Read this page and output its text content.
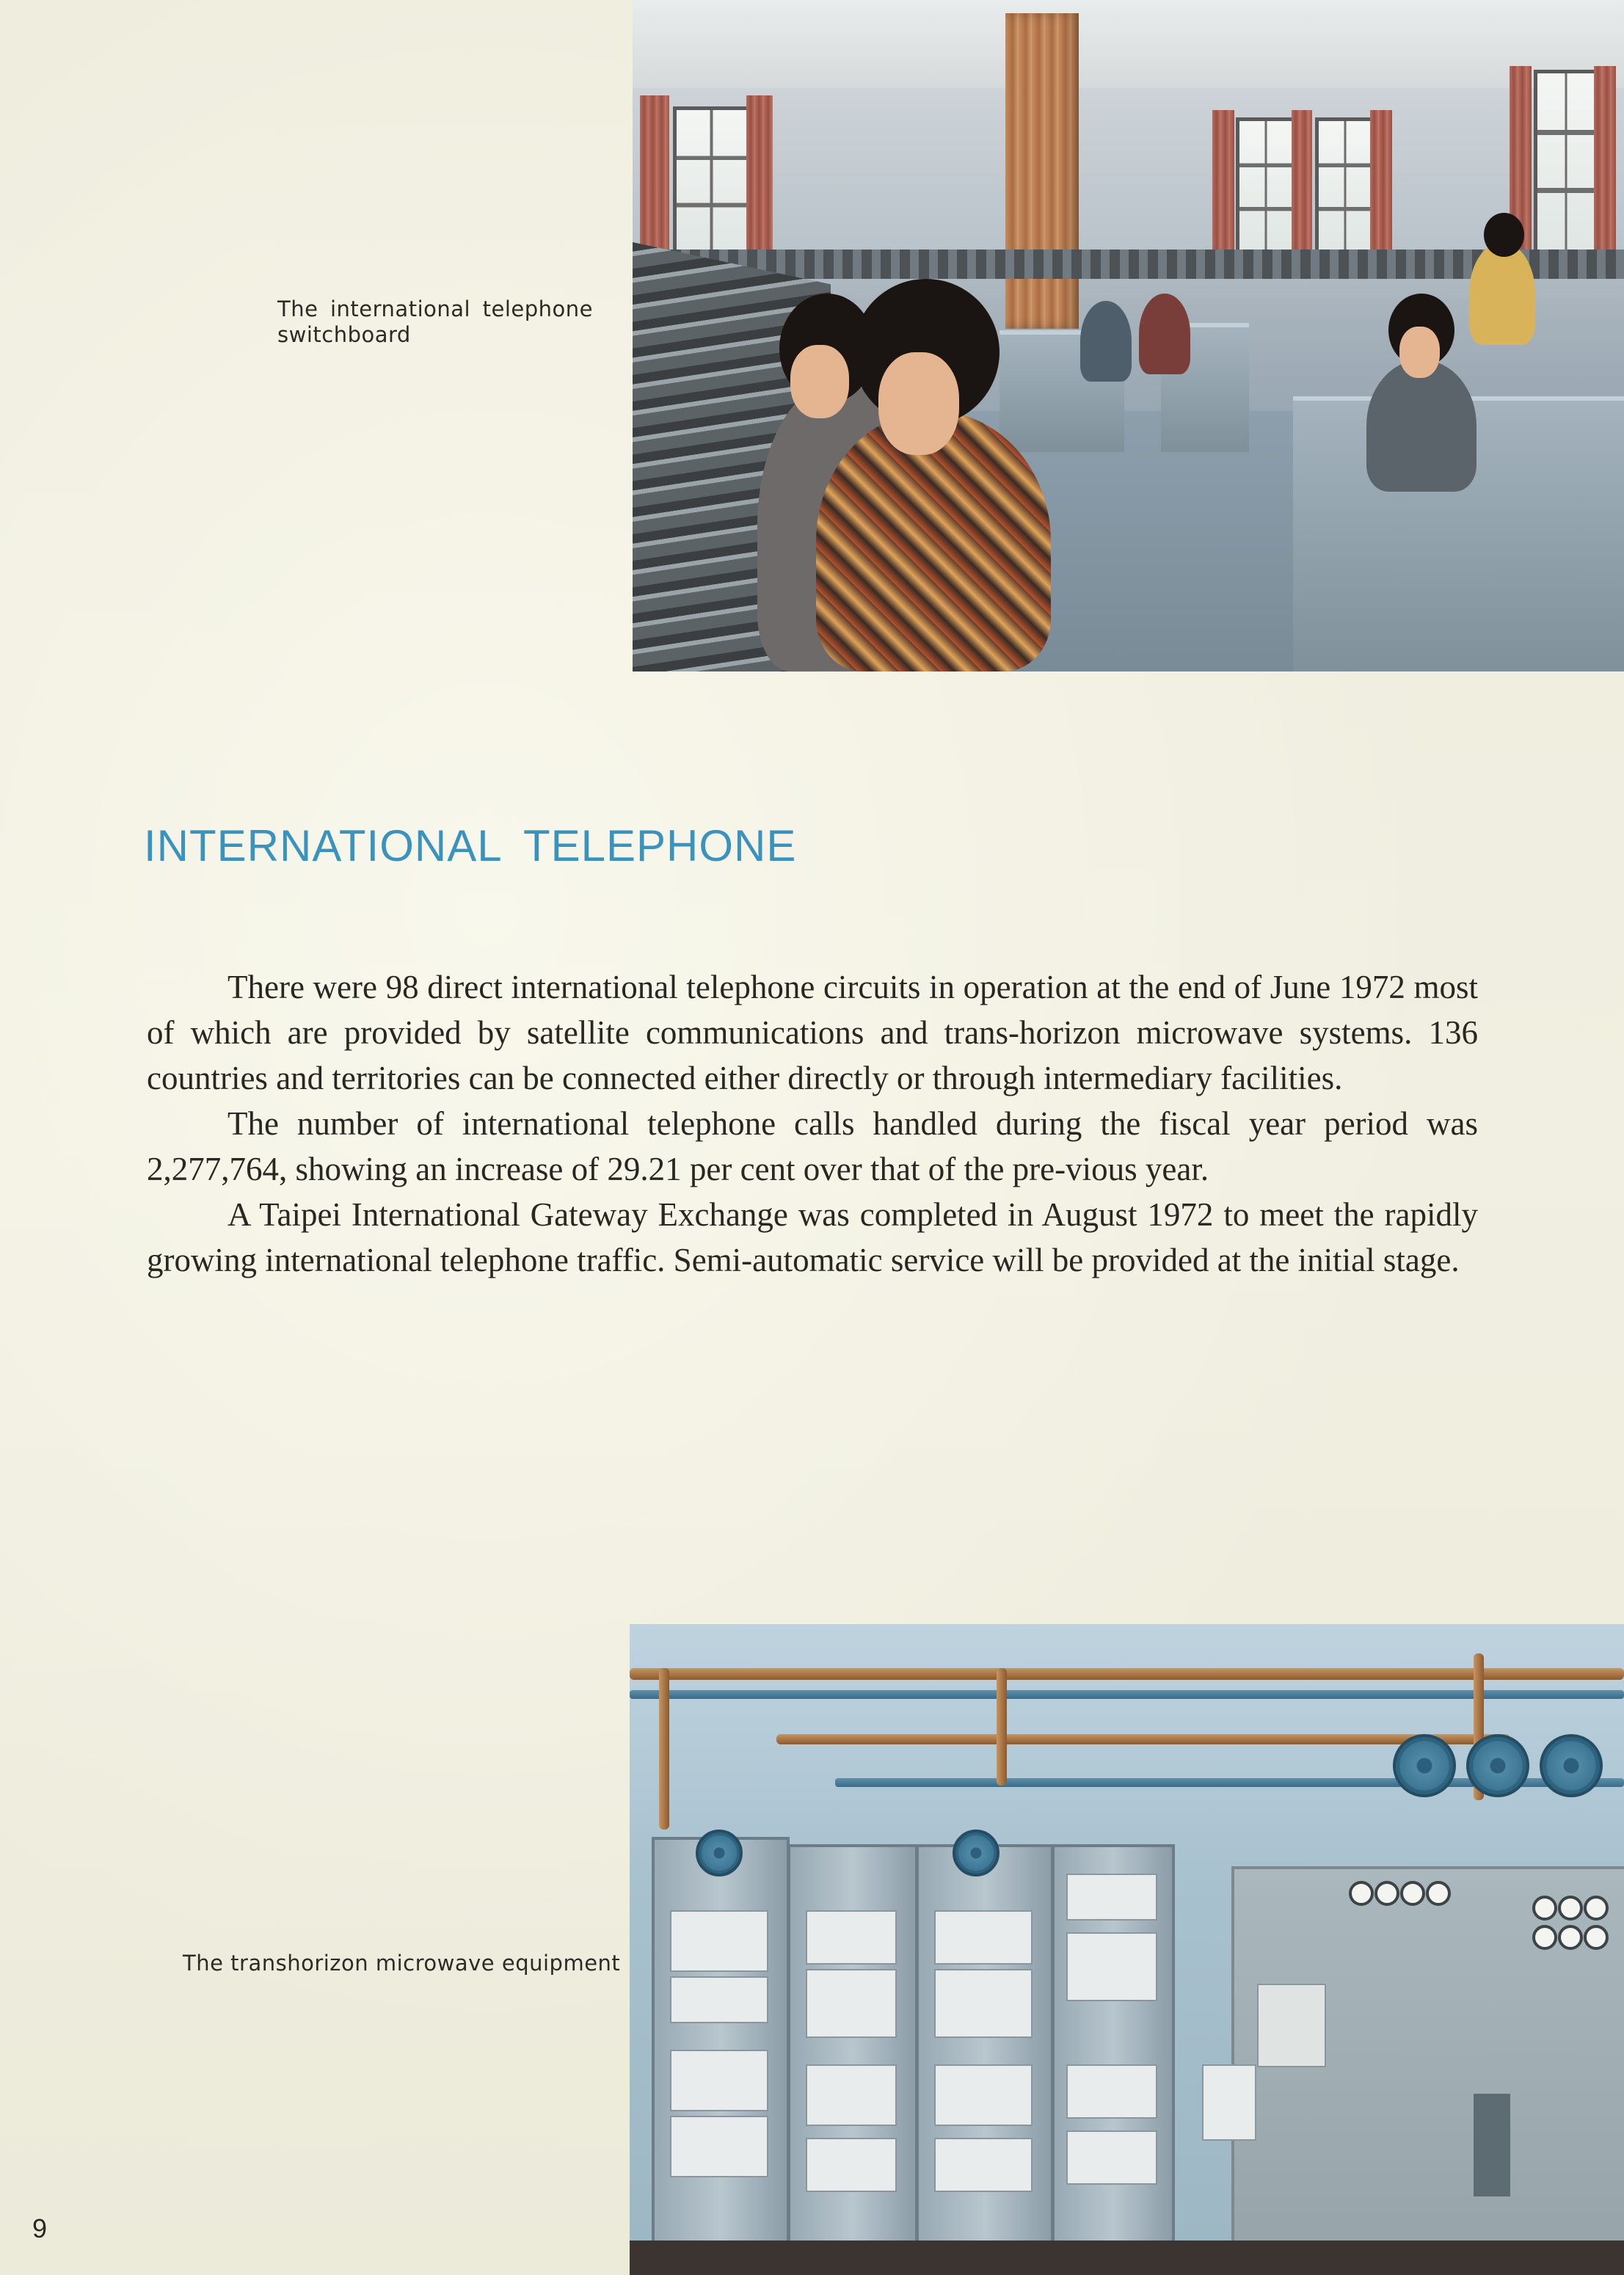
The international telephone switchboard
INTERNATIONAL TELEPHONE

There were 98 direct international telephone circuits in operation at the end of June 1972 most of which are provided by satellite communications and trans-horizon microwave systems. 136 countries and territories can be connected either directly or through intermediary facilities.

The number of international telephone calls handled during the fiscal year period was 2,277,764, showing an increase of 29.21 per cent over that of the pre-vious year.

A Taipei International Gateway Exchange was completed in August 1972 to meet the rapidly growing international telephone traffic. Semi-automatic service will be provided at the initial stage.

The transhorizon microwave equipment
9
